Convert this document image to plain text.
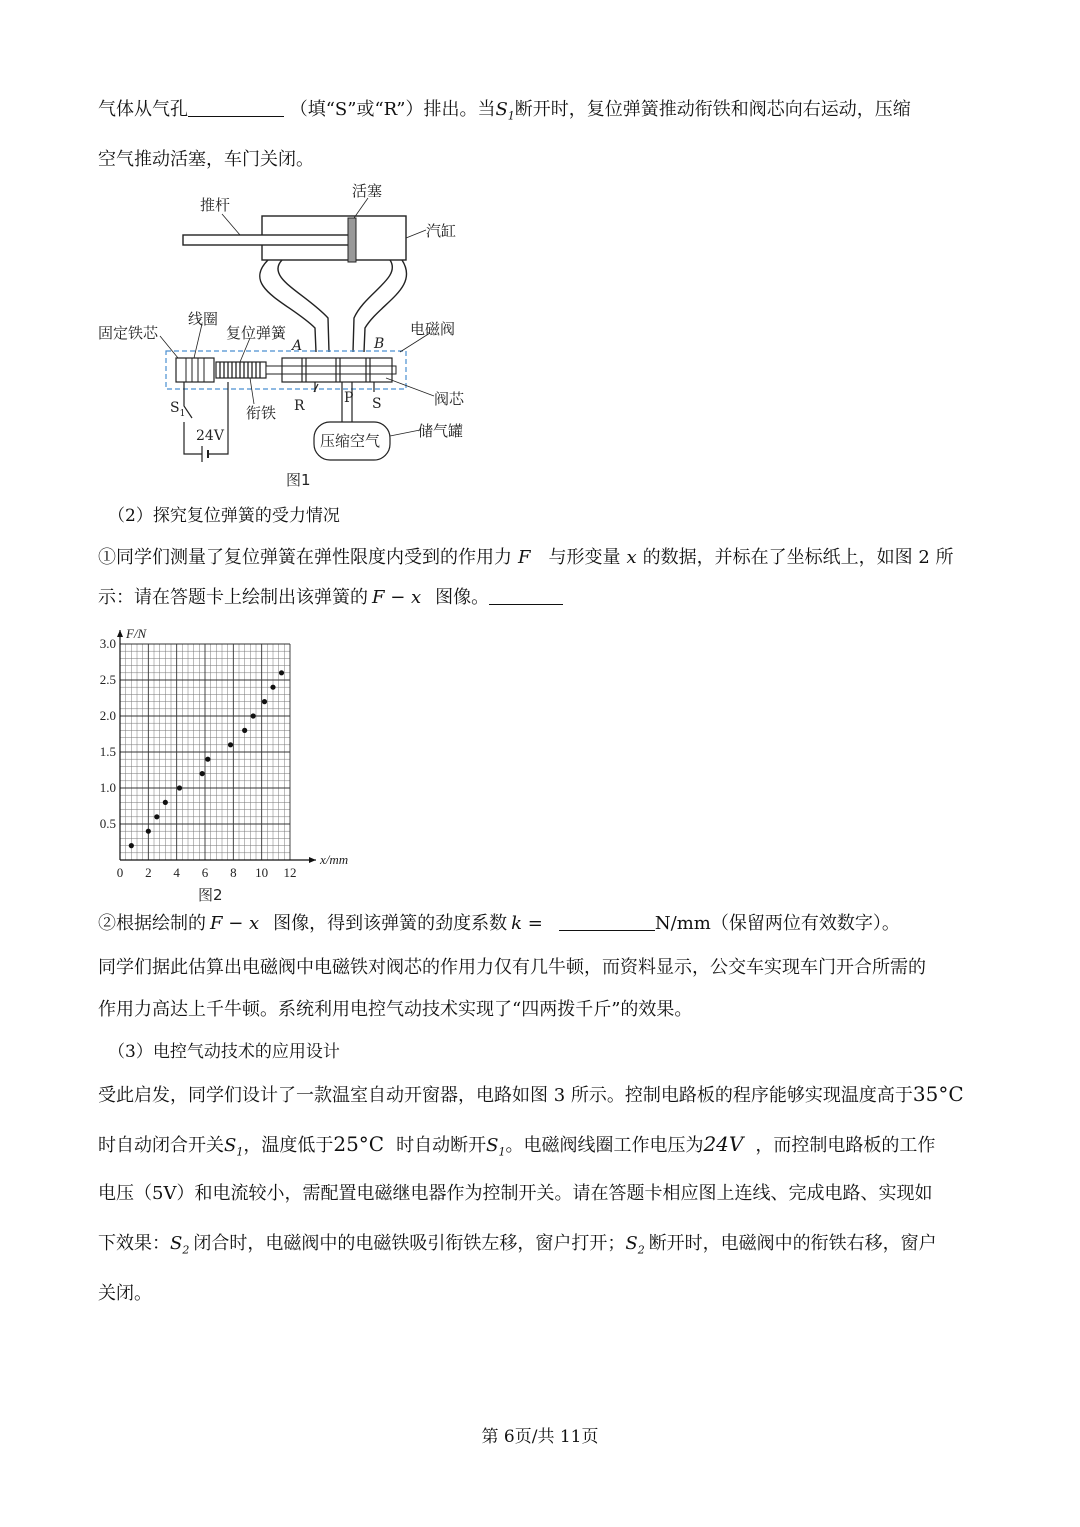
气体从气孔	（填“S”或“R”）排出。当$S_1$断开时，复位弹簧推动衔铁和阀芯向右运动，压缩
空气推动活塞，车门关闭。
推杆
活塞
汽缸
固定铁芯
线圈
复位弹簧	电磁阀
A	B
R	P S	阀芯
衔铁
$S_1$
24V	储气罐
压缩空气
图1
（2）探究复位弹簧的受力情况
①同学们测量了复位弹簧在弹性限度内受到的作用力 F 与形变量 x 的数据，并标在了坐标纸上，如图 2 所
示：请在答题卡上绘制出该弹簧的 F − x 图像。
0.5
1.0
1.5
2.0
2.5
3.0
0 2 4 6 8 10 12
F/N
x/mm
图2
②根据绘制的 F − x 图像，得到该弹簧的劲度系数 k =	N/mm（保留两位有效数字）。
同学们据此估算出电磁阀中电磁铁对阀芯的作用力仅有几牛顿，而资料显示，公交车实现车门开合所需的
作用力高达上千牛顿。系统利用电控气动技术实现了“四两拨千斤”的效果。
（3）电控气动技术的应用设计
受此启发，同学们设计了一款温室自动开窗器，电路如图 3 所示。控制电路板的程序能够实现温度高于35°C
时自动闭合开关$S_1$，温度低于25°C 时自动断开$S_1$。电磁阀线圈工作电压为24V ，而控制电路板的工作
电压（5V）和电流较小，需配置电磁继电器作为控制开关。请在答题卡相应图上连线、完成电路、实现如
下效果：$S_2$ 闭合时，电磁阀中的电磁铁吸引衔铁左移，窗户打开；$S_2$ 断开时，电磁阀中的衔铁右移，窗户
关闭。
第 6页/共 11页
